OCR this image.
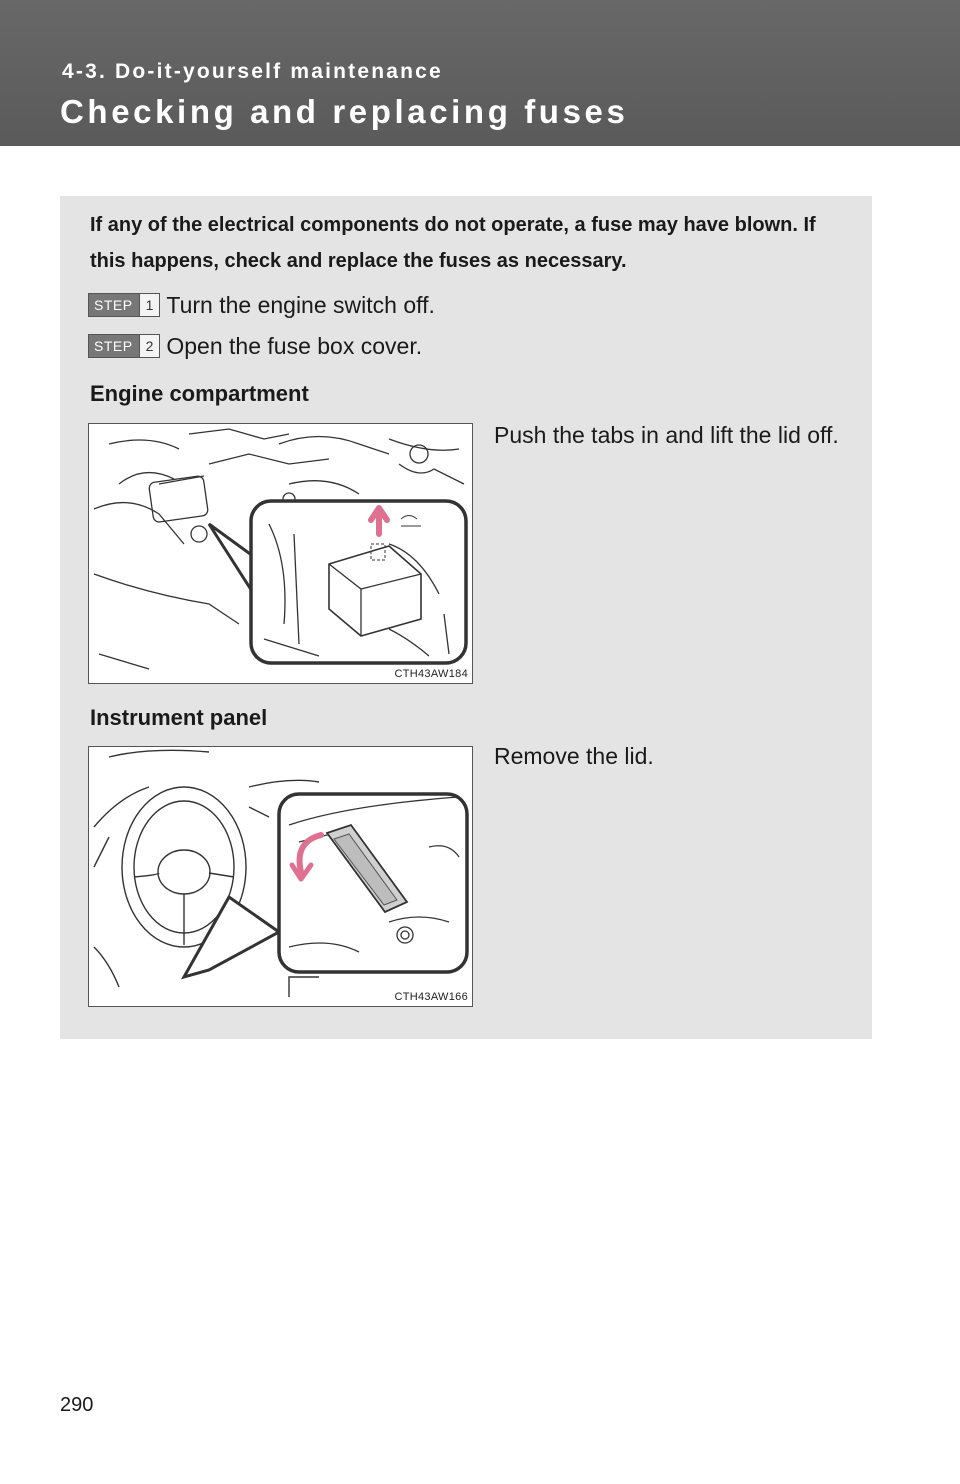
4-3. Do-it-yourself maintenance
Checking and replacing fuses
If any of the electrical components do not operate, a fuse may have blown. If this happens, check and replace the fuses as necessary.
STEP 1 Turn the engine switch off.
STEP 2 Open the fuse box cover.
Engine compartment
Push the tabs in and lift the lid off.
CTH43AW184
Instrument panel
Remove the lid.
CTH43AW166
290
